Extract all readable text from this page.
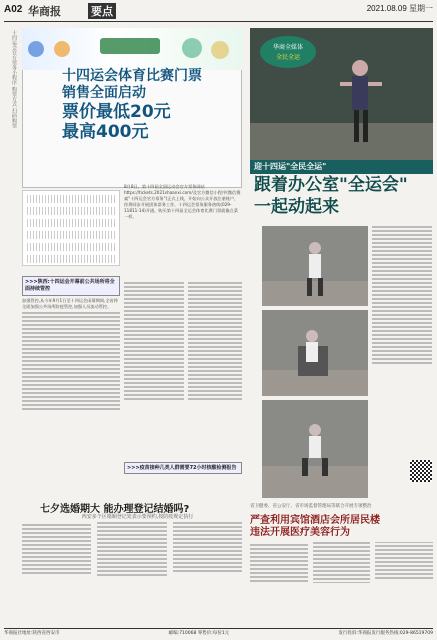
A02 华商报	要点	2021.08.09 星期一
十四运会官方票务小程序 购票方式 扫码购票	十四运会体育比赛门票
销售全面启动
票价最低20元
最高400元
8月8日，第十四届全国运动会官方票务网站https://tickets.2021shaanxi.com/及官方微信小程序(微信搜索"十四运会官方票务")正式上线，开始向公众开放注册账户，你将同步开展团体票务工作，十四运会票务服务热线(029-11811-14)开通。购买第十四届全运会体育比赛门票就像点菜一样。
华商全媒体
全民全运
迎十四运"全民全运"
跟着办公室"全运会"
一起动起来
>>>陕西:十四运会开幕前公共场所将全面持续管控
加强管控,从今年9月1日至十四运会闭幕期间,全省将全面加强公共场所防疫管控,加强人员流动管控。
>>>疫苗接种几类人群需要72小时核酸检测报告
七夕选婚期大 能办理登记结婚吗?
西安多个区婚姻登记处表示要预约,按防疫规定执行
省卫健委、省公安厅、省市场监督管理局等联合开展专项整治
严查利用宾馆酒店会所居民楼
违法开展医疗美容行为
华商报社地址:陕西省西安市	邮编:710068 零售价:每份1元	发行投诉:华商报发行服务热线:029-86519709
